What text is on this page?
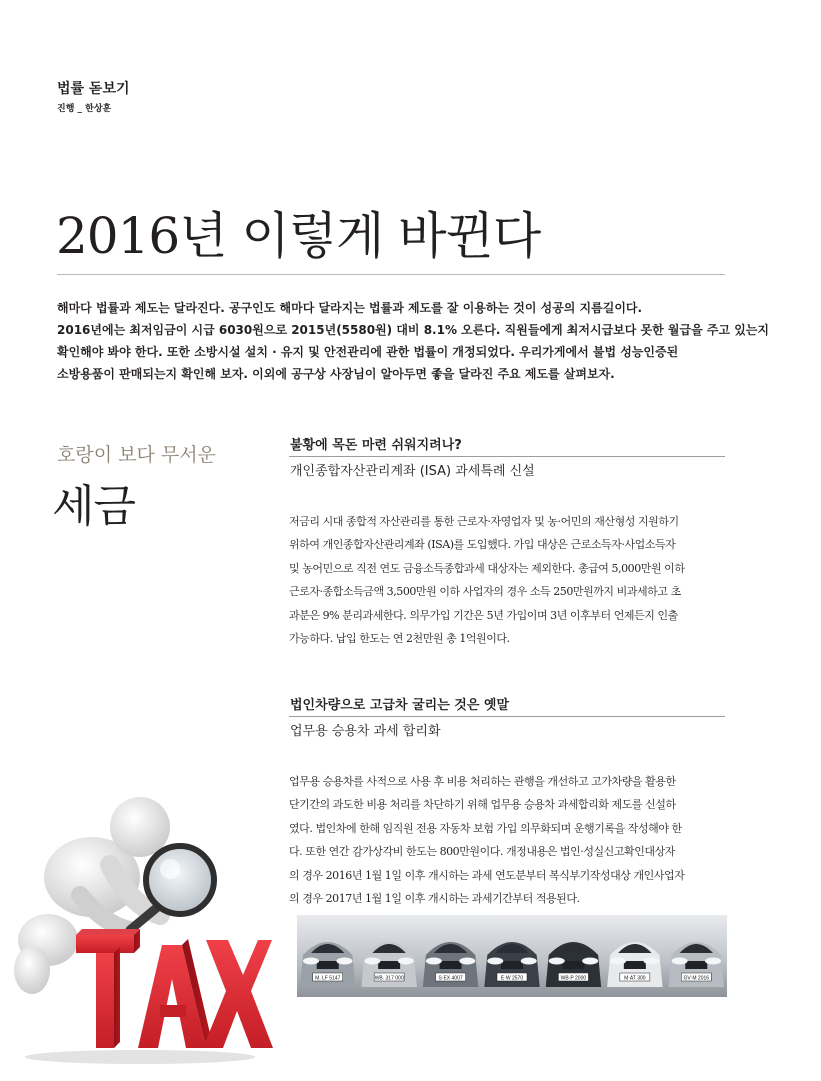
법률 돋보기
진행 _ 한상훈
2016년 이렇게 바뀐다

해마다 법률과 제도는 달라진다. 공구인도 해마다 달라지는 법률과 제도를 잘 이용하는 것이 성공의 지름길이다.

2016년에는 최저임금이 시급 6030원으로 2015년(5580원) 대비 8.1% 오른다. 직원들에게 최저시급보다 못한 월급을 주고 있는지

확인해야 봐야 한다. 또한 소방시설 설치 · 유지 및 안전관리에 관한 법률이 개정되었다. 우리가게에서 불법 성능인증된

소방용품이 판매되는지 확인해 보자. 이외에 공구상 사장님이 알아두면 좋을 달라진 주요 제도를 살펴보자.

호랑이 보다 무서운
세금
불황에 목돈 마련 쉬워지려나?
개인종합자산관리계좌 (ISA) 과세특례 신설

저금리 시대 종합적 자산관리를 통한 근로자·자영업자 및 농·어민의 재산형성 지원하기

위하여 개인종합자산관리계좌 (ISA)를 도입했다. 가입 대상은 근로소득자·사업소득자

및 농어민으로 직전 연도 금융소득종합과세 대상자는 제외한다. 총급여 5,000만원 이하

근로자·종합소득금액 3,500만원 이하 사업자의 경우 소득 250만원까지 비과세하고 초

과분은 9% 분리과세한다. 의무가입 기간은 5년 가입이며 3년 이후부터 언제든지 인출

가능하다. 납입 한도는 연 2천만원 총 1억원이다.

법인차량으로 고급차 굴리는 것은 옛말
업무용 승용차 과세 합리화

업무용 승용차를 사적으로 사용 후 비용 처리하는 관행을 개선하고 고가차량을 활용한

단기간의 과도한 비용 처리를 차단하기 위해 업무용 승용차 과세합리화 제도를 신설하

였다. 법인차에 한해 임직원 전용 자동차 보험 가입 의무화되며 운행기록을 작성해야 한

다. 또한 연간 감가상각비 한도는 800만원이다. 개정내용은 법인·성실신고확인대상자

의 경우 2016년 1월 1일 이후 개시하는 과세 연도분부터 복식부기작성대상 개인사업자

의 경우 2017년 1월 1일 이후 개시하는 과세기간부터 적용된다.

M. LF 5147	WB. 317 000	S·EX 4007	E·W 2570	WB·P 2000	M·AT 300	GV·M 2016
